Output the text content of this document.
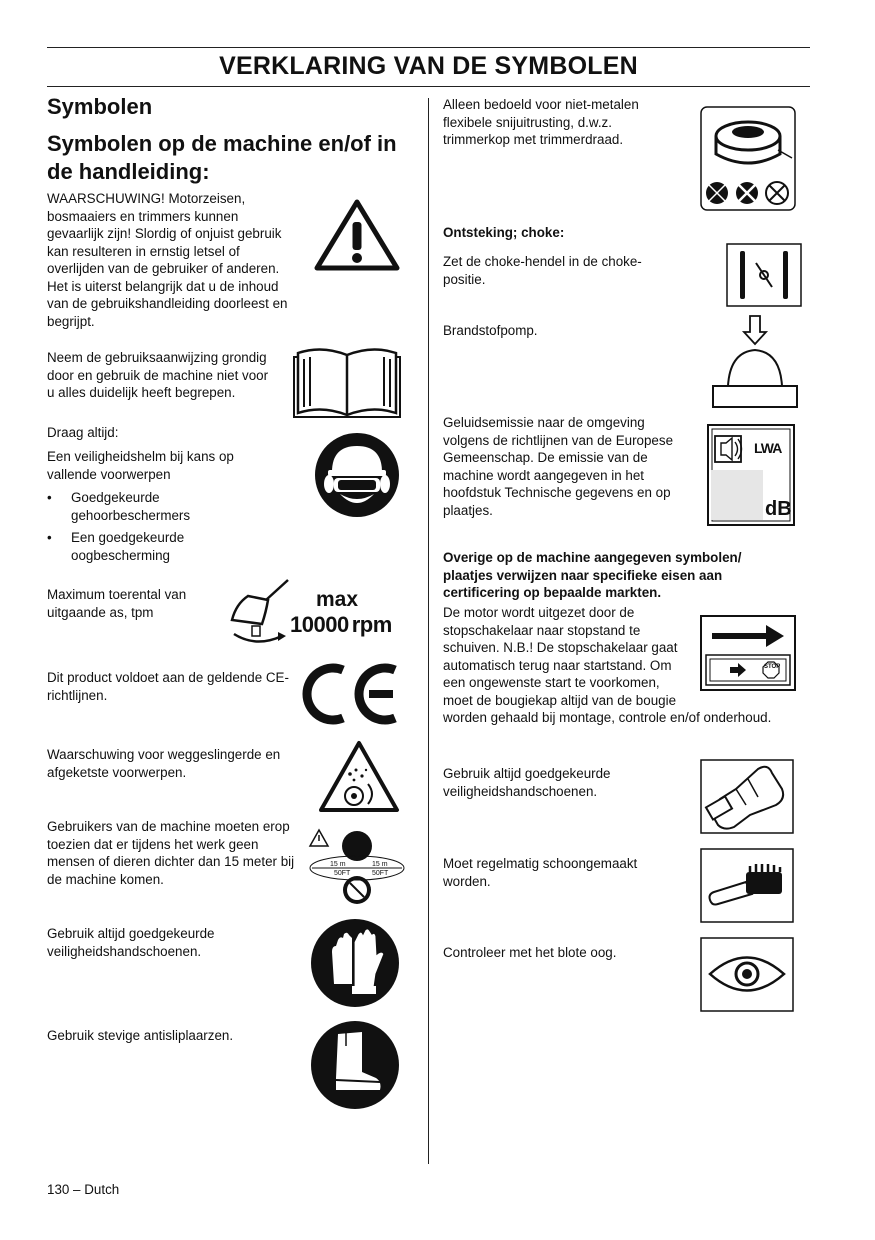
VERKLARING VAN DE SYMBOLEN
Symbolen
Symbolen op de machine en/of in de handleiding:
WAARSCHUWING! Motorzeisen, bosmaaiers en trimmers kunnen gevaarlijk zijn! Slordig of onjuist gebruik kan resulteren in ernstig letsel of overlijden van de gebruiker of anderen. Het is uiterst belangrijk dat u de inhoud van de gebruikshandleiding doorleest en begrijpt.
Neem de gebruiksaanwijzing grondig door en gebruik de machine niet voor u alles duidelijk heeft begrepen.
Draag altijd:
Een veiligheidshelm bij kans op vallende voorwerpen
• Goedgekeurde gehoorbeschermers
• Een goedgekeurde oogbescherming
Maximum toerental van uitgaande as, tpm
max
10000 rpm
Dit product voldoet aan de geldende CE-richtlijnen.
Waarschuwing voor weggeslingerde en afgeketste voorwerpen.
Gebruikers van de machine moeten erop toezien dat er tijdens het werk geen mensen of dieren dichter dan 15 meter bij de machine komen.
15 m
50FT
15 m
50FT
Gebruik altijd goedgekeurde veiligheidshandschoenen.
Gebruik stevige antisliplaarzen.
Alleen bedoeld voor niet-metalen flexibele snijuitrusting, d.w.z. trimmerkop met trimmerdraad.
Ontsteking; choke:
Zet de choke-hendel in de choke-positie.
Brandstofpomp.
Geluidsemissie naar de omgeving volgens de richtlijnen van de Europese Gemeenschap. De emissie van de machine wordt aangegeven in het hoofdstuk Technische gegevens en op plaatjes.
LWA
dB
Overige op de machine aangegeven symbolen/ plaatjes verwijzen naar specifieke eisen aan certificering op bepaalde markten.
De motor wordt uitgezet door de stopschakelaar naar stopstand te schuiven. N.B.! De stopschakelaar gaat automatisch terug naar startstand. Om een ongewenste start te voorkomen, moet de bougiekap altijd van de bougie worden gehaald bij montage, controle en/of onderhoud.
STOP
Gebruik altijd goedgekeurde veiligheidshandschoenen.
Moet regelmatig schoongemaakt worden.
Controleer met het blote oog.
130 – Dutch
